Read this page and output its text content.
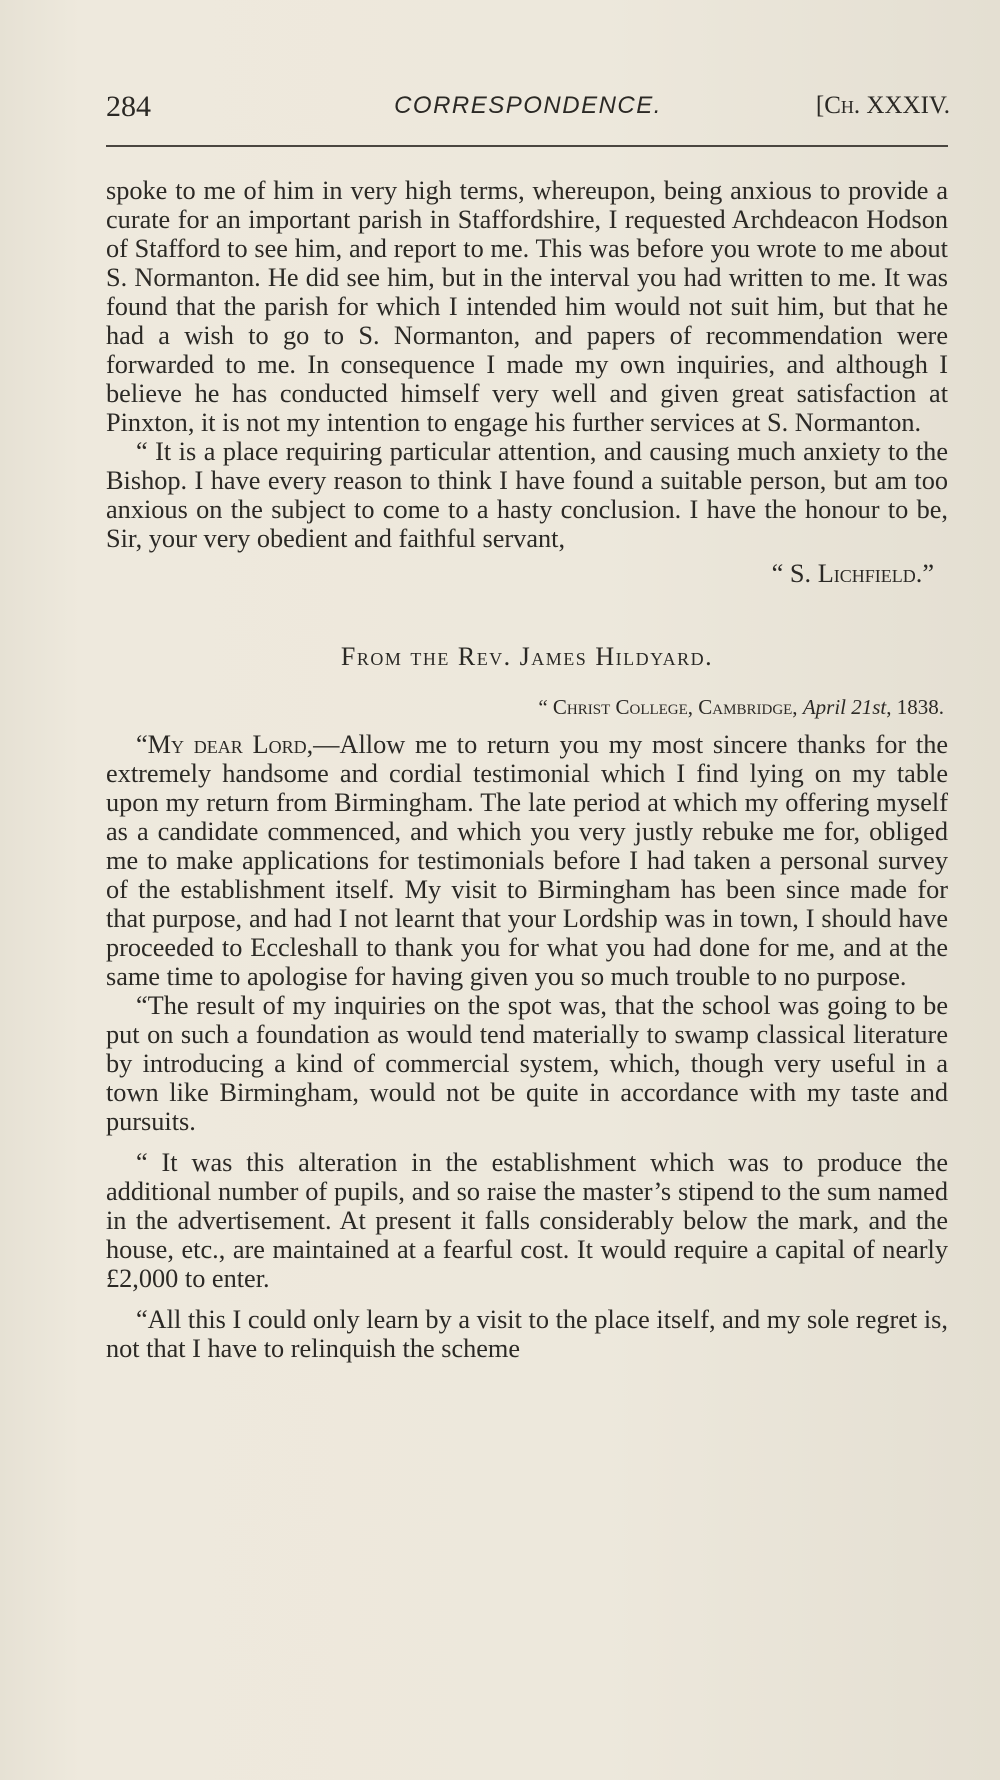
284	CORRESPONDENCE.	[Ch. XXXIV.

spoke to me of him in very high terms, whereupon, being anxious to provide a curate for an important parish in Staffordshire, I requested Archdeacon Hodson of Stafford to see him, and report to me. This was before you wrote to me about S. Normanton. He did see him, but in the interval you had written to me. It was found that the parish for which I intended him would not suit him, but that he had a wish to go to S. Normanton, and papers of recommendation were forwarded to me. In consequence I made my own inquiries, and although I believe he has conducted himself very well and given great satisfaction at Pinxton, it is not my intention to engage his further services at S. Normanton.

“ It is a place requiring particular attention, and causing much anxiety to the Bishop. I have every reason to think I have found a suitable person, but am too anxious on the subject to come to a hasty conclusion. I have the honour to be, Sir, your very obedient and faithful servant,

“ S. Lichfield.”

From the Rev. James Hildyard.

“ Christ College, Cambridge, April 21st, 1838.

“My dear Lord,—Allow me to return you my most sincere thanks for the extremely handsome and cordial testimonial which I find lying on my table upon my return from Birmingham. The late period at which my offering myself as a candidate commenced, and which you very justly rebuke me for, obliged me to make applications for testimonials before I had taken a personal survey of the establishment itself. My visit to Birmingham has been since made for that purpose, and had I not learnt that your Lordship was in town, I should have proceeded to Eccleshall to thank you for what you had done for me, and at the same time to apologise for having given you so much trouble to no purpose.

“The result of my inquiries on the spot was, that the school was going to be put on such a foundation as would tend materially to swamp classical literature by introducing a kind of commercial system, which, though very useful in a town like Birmingham, would not be quite in accordance with my taste and pursuits.

“ It was this alteration in the establishment which was to produce the additional number of pupils, and so raise the master’s stipend to the sum named in the advertisement. At present it falls considerably below the mark, and the house, etc., are maintained at a fearful cost. It would require a capital of nearly £2,000 to enter.

“All this I could only learn by a visit to the place itself, and my sole regret is, not that I have to relinquish the scheme
